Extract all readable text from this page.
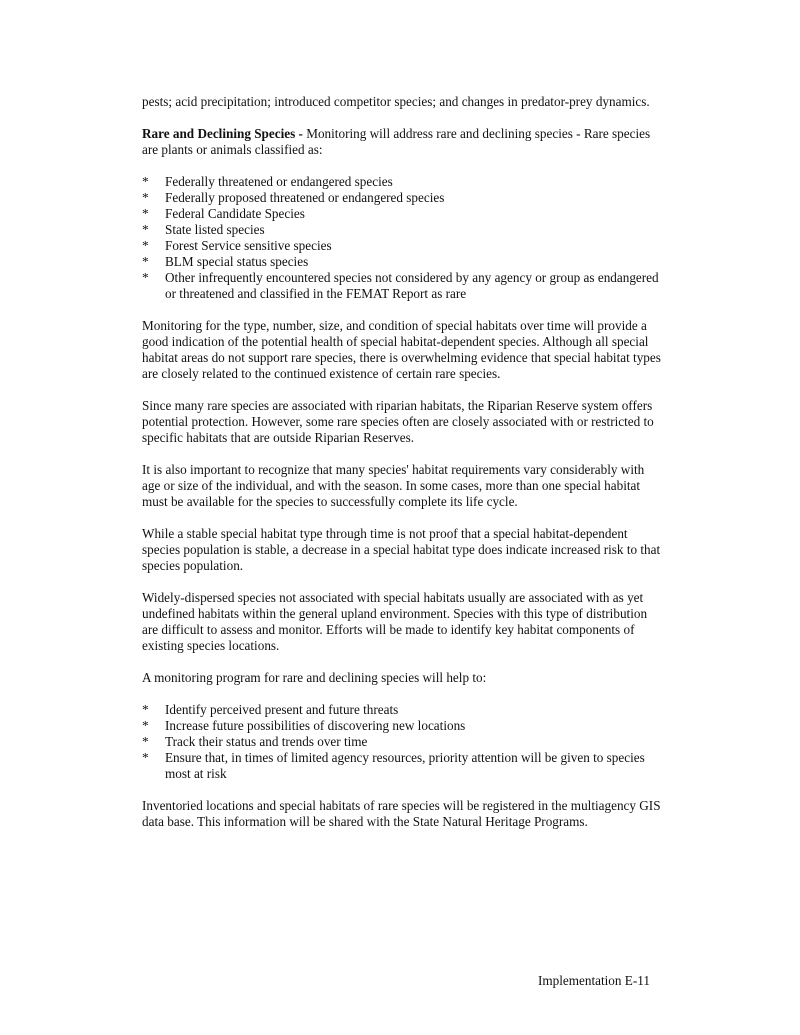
pests; acid precipitation; introduced competitor species; and changes in predator-prey dynamics.

Rare and Declining Species - Monitoring will address rare and declining species - Rare species are plants or animals classified as:

* Federally threatened or endangered species
* Federally proposed threatened or endangered species
* Federal Candidate Species
* State listed species
* Forest Service sensitive species
* BLM special status species
* Other infrequently encountered species not considered by any agency or group as endangered or threatened and classified in the FEMAT Report as rare

Monitoring for the type, number, size, and condition of special habitats over time will provide a good indication of the potential health of special habitat-dependent species. Although all special habitat areas do not support rare species, there is overwhelming evidence that special habitat types are closely related to the continued existence of certain rare species.

Since many rare species are associated with riparian habitats, the Riparian Reserve system offers potential protection. However, some rare species often are closely associated with or restricted to specific habitats that are outside Riparian Reserves.

It is also important to recognize that many species' habitat requirements vary considerably with age or size of the individual, and with the season. In some cases, more than one special habitat must be available for the species to successfully complete its life cycle.

While a stable special habitat type through time is not proof that a special habitat-dependent species population is stable, a decrease in a special habitat type does indicate increased risk to that species population.

Widely-dispersed species not associated with special habitats usually are associated with as yet undefined habitats within the general upland environment. Species with this type of distribution are difficult to assess and monitor. Efforts will be made to identify key habitat components of existing species locations.

A monitoring program for rare and declining species will help to:

* Identify perceived present and future threats
* Increase future possibilities of discovering new locations
* Track their status and trends over time
* Ensure that, in times of limited agency resources, priority attention will be given to species most at risk

Inventoried locations and special habitats of rare species will be registered in the multiagency GIS data base. This information will be shared with the State Natural Heritage Programs.

Implementation E-11
